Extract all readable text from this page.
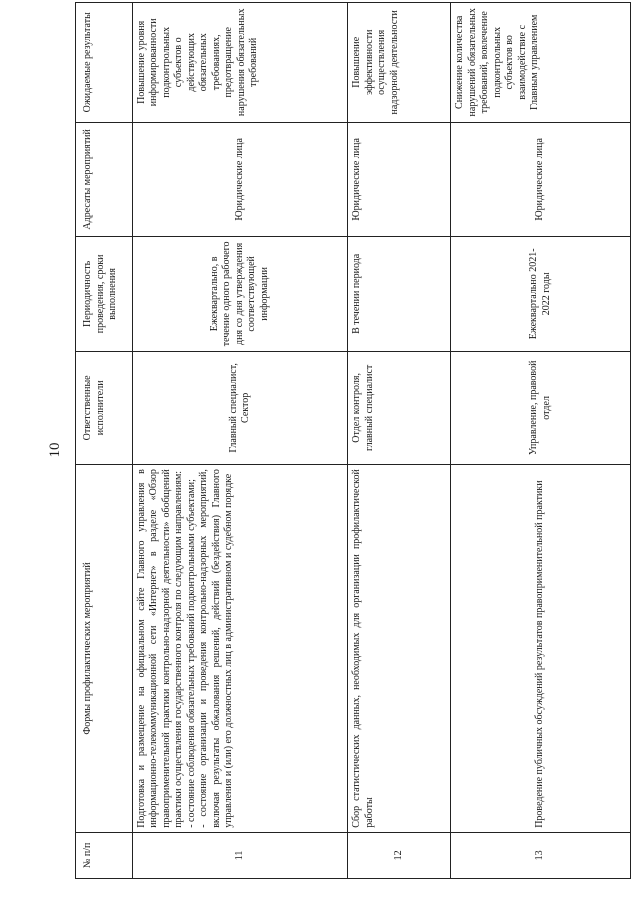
10
№ п/п	Формы профилактических мероприятий	Ответственные исполнители	Периодичность проведения, сроки выполнения	Адресаты мероприятий	Ожидаемые результаты
11	Подготовка и размещение на официальном сайте Главного управления в информационно-телекоммуникационной сети «Интернет» в разделе «Обзор правоприменительной практики контрольно-надзорной деятельности» обобщений практики осуществления государственного контроля по следующим направлениям: - состояние соблюдения обязательных требований подконтрольными субъектами; - состояние организации и проведения контрольно-надзорных мероприятий, включая результаты обжалования решений, действий (бездействия) Главного управления и (или) его должностных лиц в административном и судебном порядке	Главный специалист, Сектор	Ежеквартально, в течение одного рабочего дня со дня утверждения соответствующей информации	Юридические лица	Повышение уровня информированности подконтрольных субъектов о действующих обязательных требованиях, предотвращение нарушения обязательных требований
12	Сбор статистических данных, необходимых для организации профилактической работы	Отдел контроля, главный специалист	В течении периода	Юридические лица	Повышение эффективности осуществления надзорной деятельности
13	Проведение публичных обсуждений результатов правоприменительной практики	Управление, правовой отдел	Ежеквартально 2021-2022 годы	Юридические лица	Снижение количества нарушений обязательных требований, вовлечение подконтрольных субъектов во взаимодействие с Главным управлением
